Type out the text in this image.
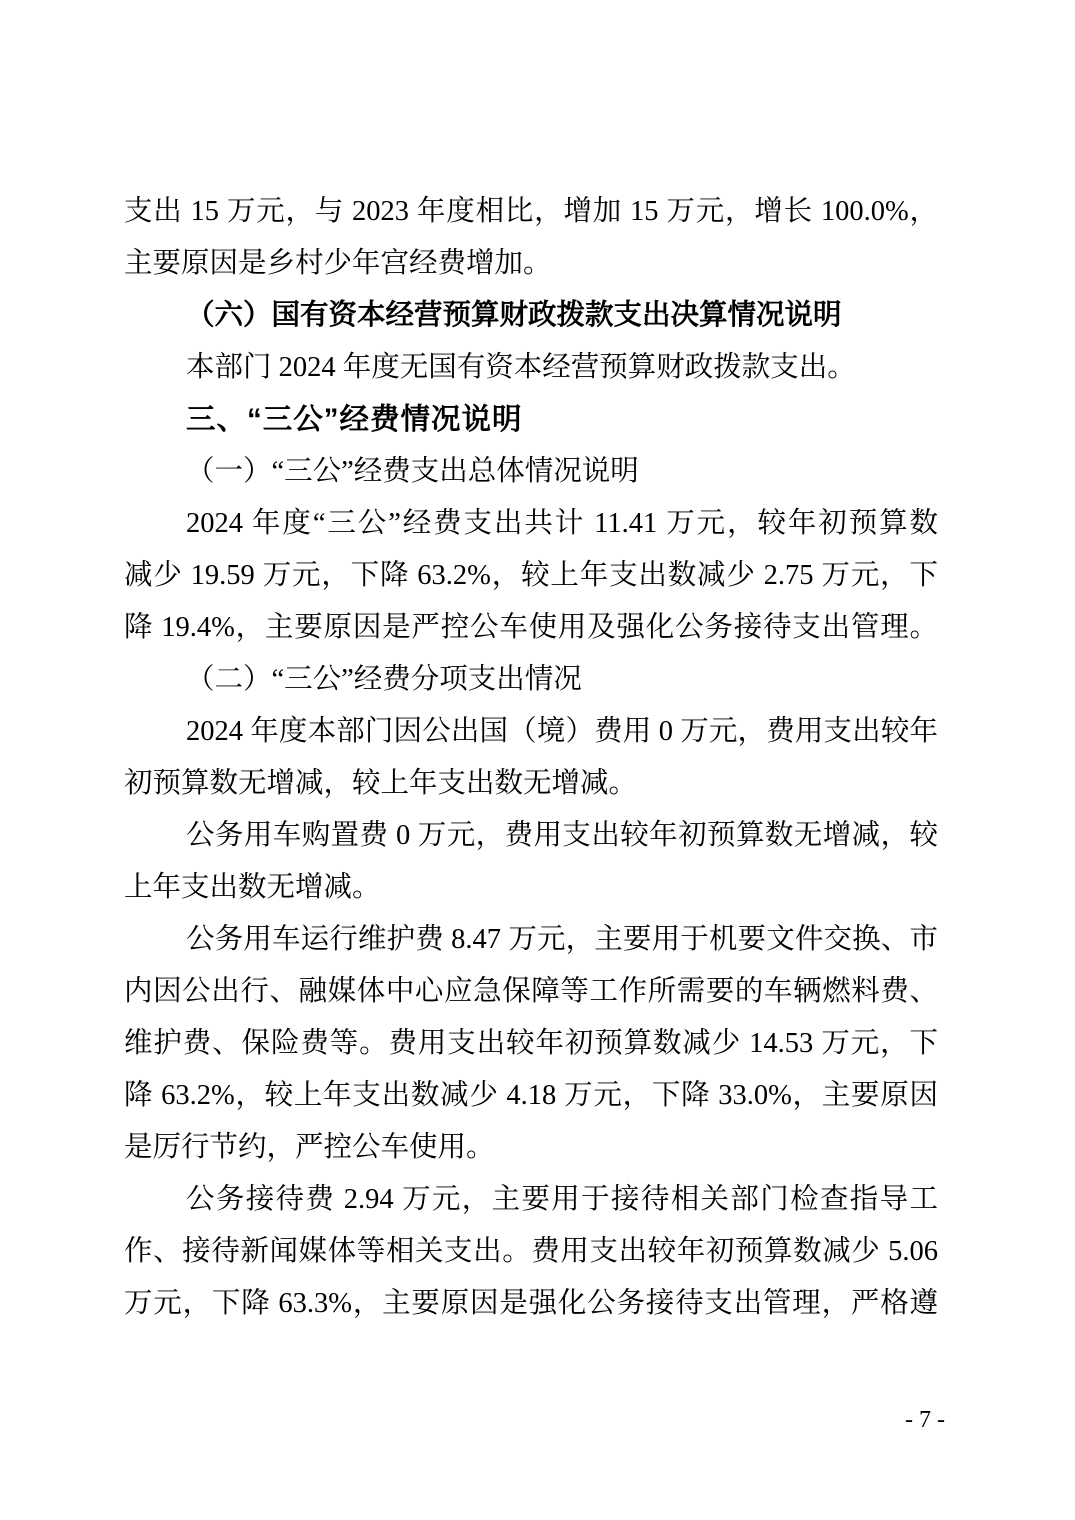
支出 15 万元，与 2023 年度相比，增加 15 万元，增长 100.0%，
主要原因是乡村少年宫经费增加。
（六）国有资本经营预算财政拨款支出决算情况说明
本部门 2024 年度无国有资本经营预算财政拨款支出。
三、“三公”经费情况说明
（一）“三公”经费支出总体情况说明
2024 年度“三公”经费支出共计 11.41 万元，较年初预算数
减少 19.59 万元，下降 63.2%，较上年支出数减少 2.75 万元，下
降 19.4%，主要原因是严控公车使用及强化公务接待支出管理。
（二）“三公”经费分项支出情况
2024 年度本部门因公出国（境）费用 0 万元，费用支出较年
初预算数无增减，较上年支出数无增减。
公务用车购置费 0 万元，费用支出较年初预算数无增减，较
上年支出数无增减。
公务用车运行维护费 8.47 万元，主要用于机要文件交换、市
内因公出行、融媒体中心应急保障等工作所需要的车辆燃料费、
维护费、保险费等。费用支出较年初预算数减少 14.53 万元，下
降 63.2%，较上年支出数减少 4.18 万元，下降 33.0%，主要原因
是厉行节约，严控公车使用。
公务接待费 2.94 万元，主要用于接待相关部门检查指导工
作、接待新闻媒体等相关支出。费用支出较年初预算数减少 5.06
万元，下降 63.3%，主要原因是强化公务接待支出管理，严格遵
- 7 -
